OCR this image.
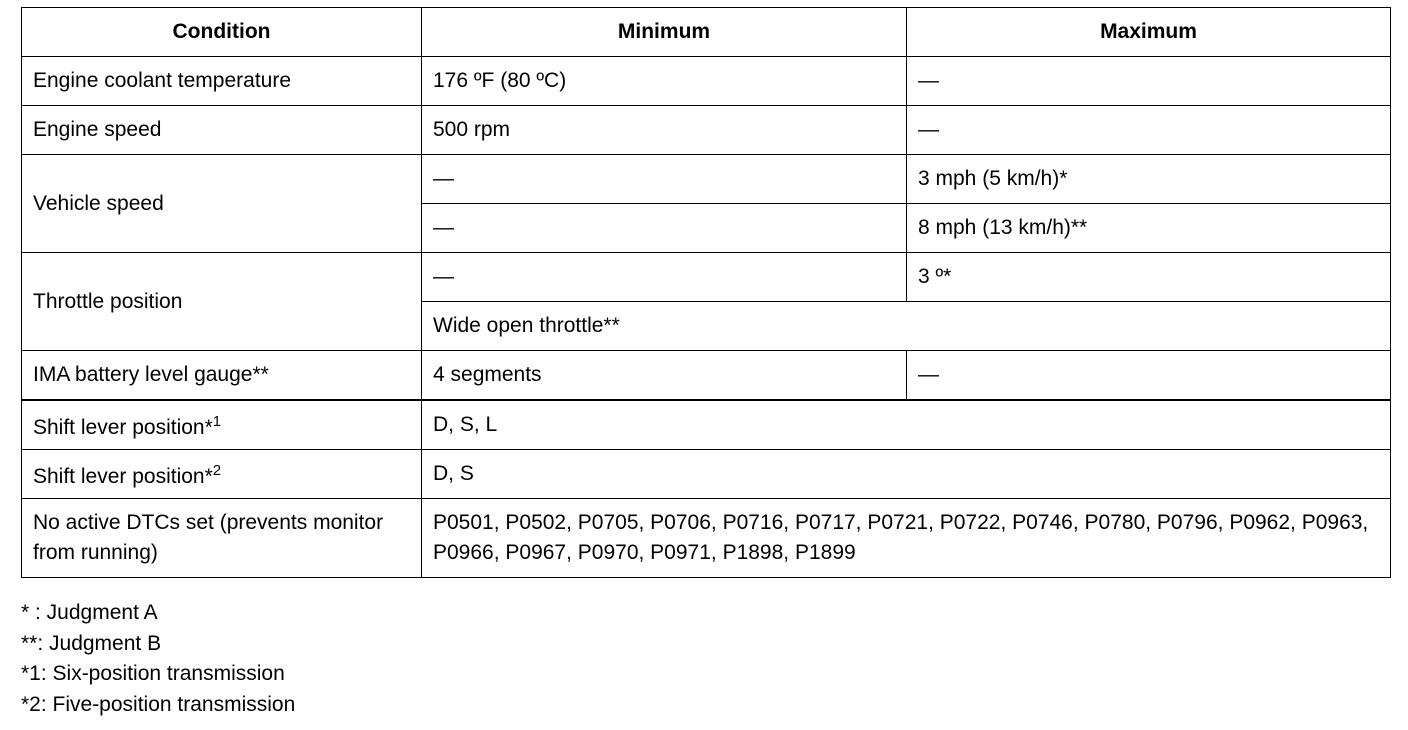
Condition	Minimum	Maximum
Engine coolant temperature	176 ºF (80 ºC)	—
Engine speed	500 rpm	—
Vehicle speed	—	3 mph (5 km/h)*
	—	8 mph (13 km/h)**
Throttle position	—	3 º*
	Wide open throttle**	
IMA battery level gauge**	4 segments	—
Shift lever position*$^1$	D, S, L	
Shift lever position*$^2$	D, S	
No active DTCs set (prevents monitor from running)	P0501, P0502, P0705, P0706, P0716, P0717, P0721, P0722, P0746, P0780, P0796, P0962, P0963, P0966, P0967, P0970, P0971, P1898, P1899	
* : Judgment A
**: Judgment B
*1: Six-position transmission
*2: Five-position transmission
